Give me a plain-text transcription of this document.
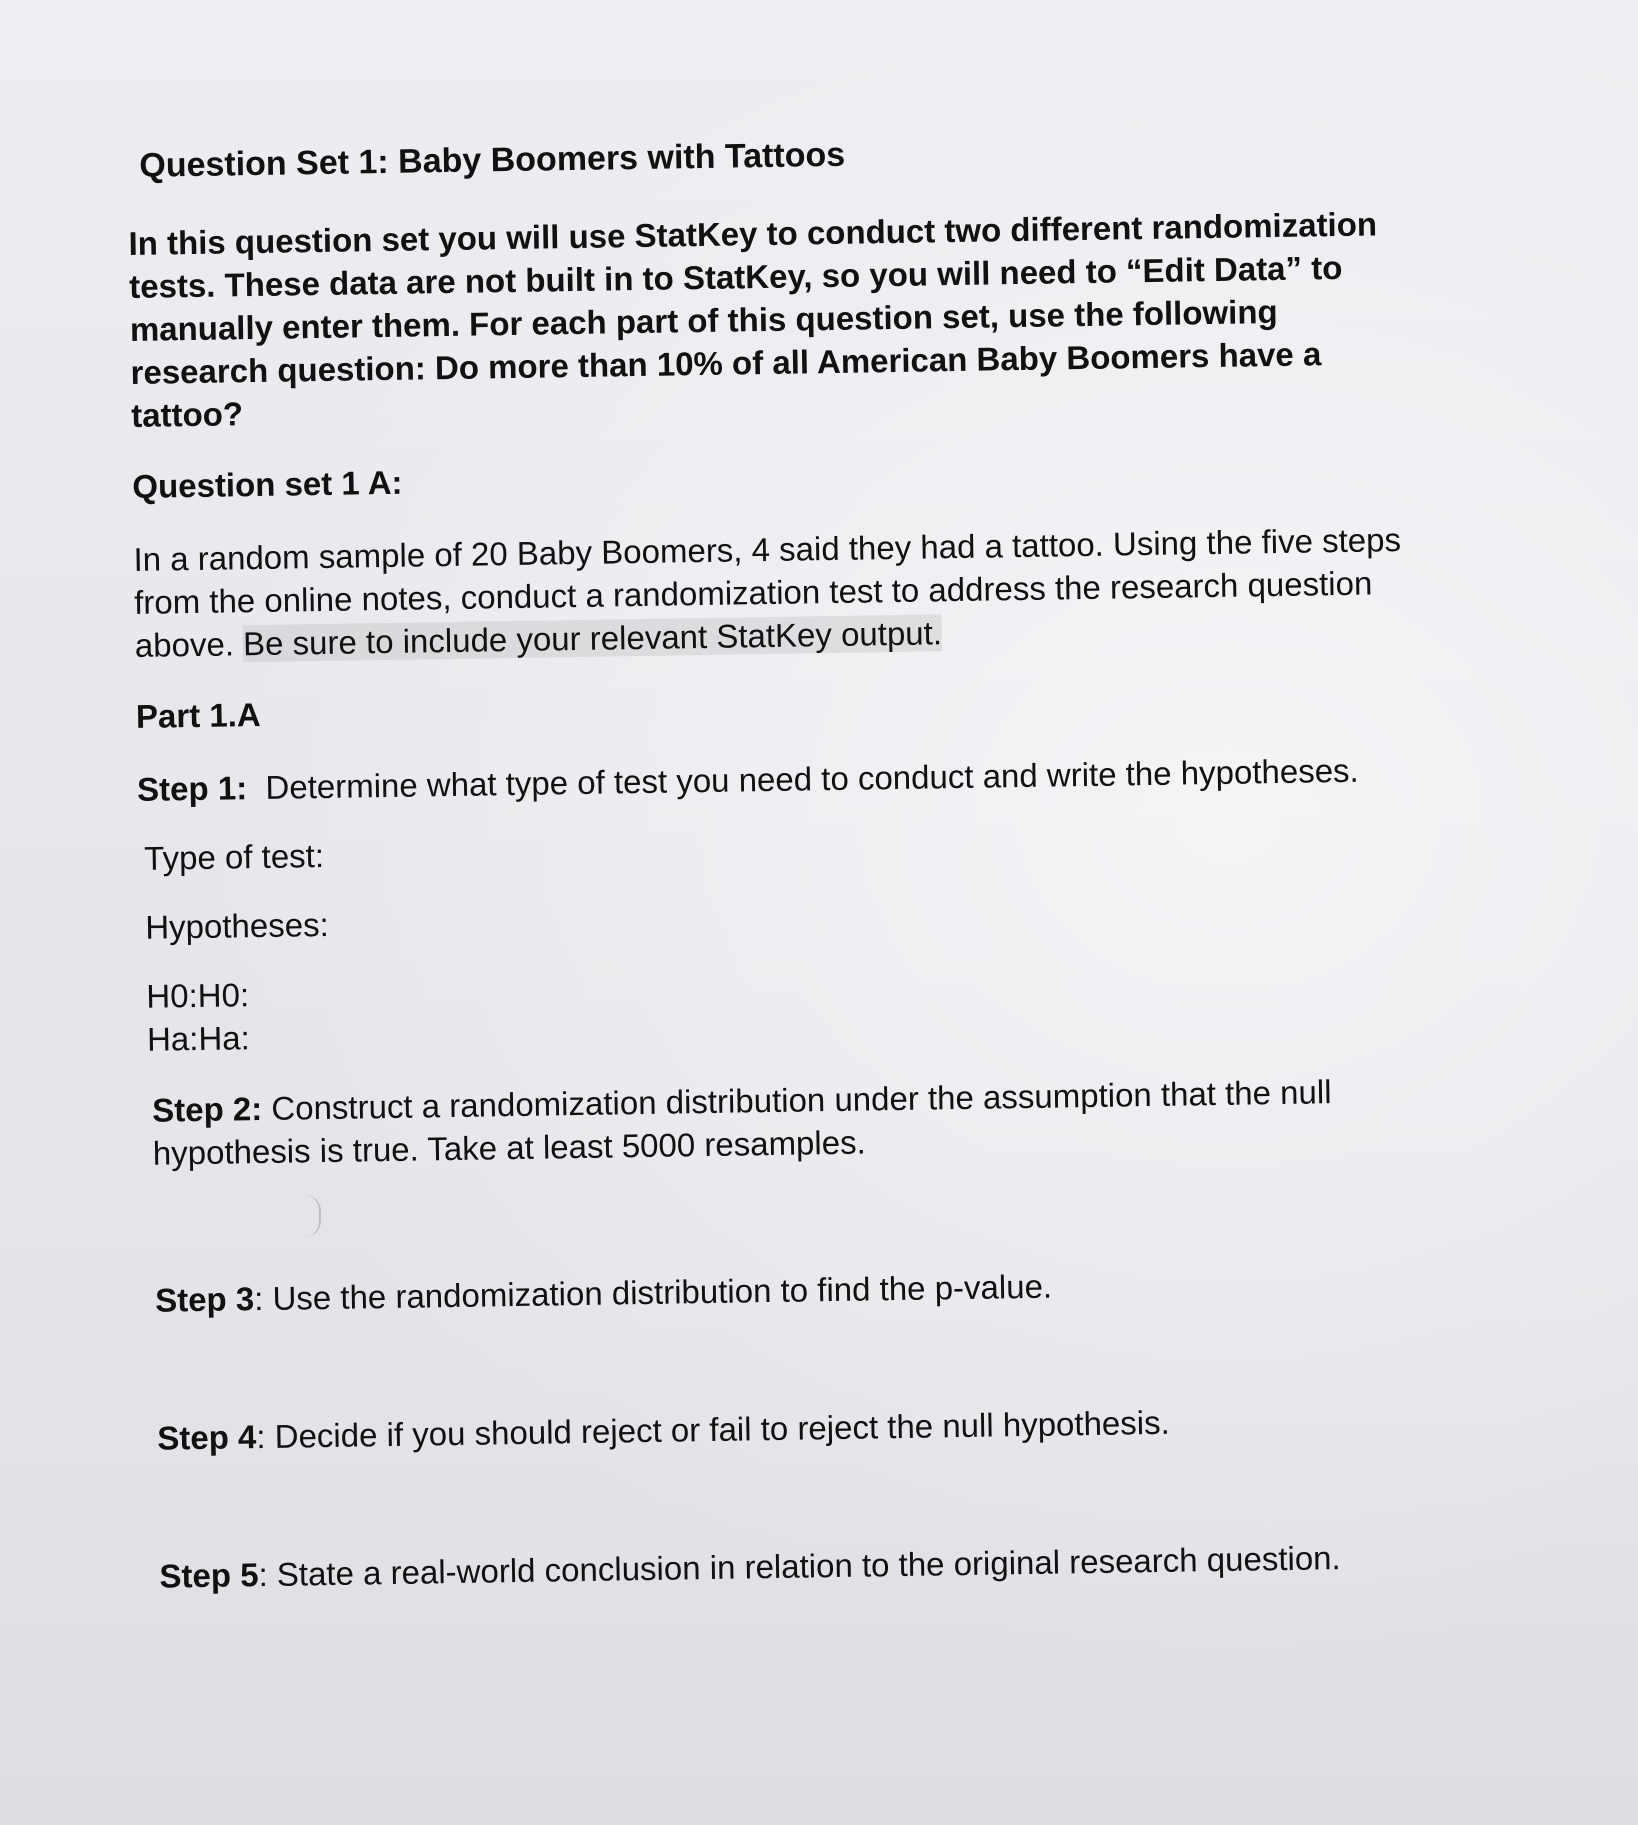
Question Set 1: Baby Boomers with Tattoos
In this question set you will use StatKey to conduct two different randomization
tests. These data are not built in to StatKey, so you will need to “Edit Data” to
manually enter them. For each part of this question set, use the following
research question: Do more than 10% of all American Baby Boomers have a
tattoo?
Question set 1 A:
In a random sample of 20 Baby Boomers, 4 said they had a tattoo. Using the five steps
from the online notes, conduct a randomization test to address the research question
above. Be sure to include your relevant StatKey output.
Part 1.A
Step 1:  Determine what type of test you need to conduct and write the hypotheses.
Type of test:
Hypotheses:
H0:H0:
Ha:Ha:
Step 2: Construct a randomization distribution under the assumption that the null
hypothesis is true. Take at least 5000 resamples.
Step 3: Use the randomization distribution to find the p-value.
Step 4: Decide if you should reject or fail to reject the null hypothesis.
Step 5: State a real-world conclusion in relation to the original research question.
